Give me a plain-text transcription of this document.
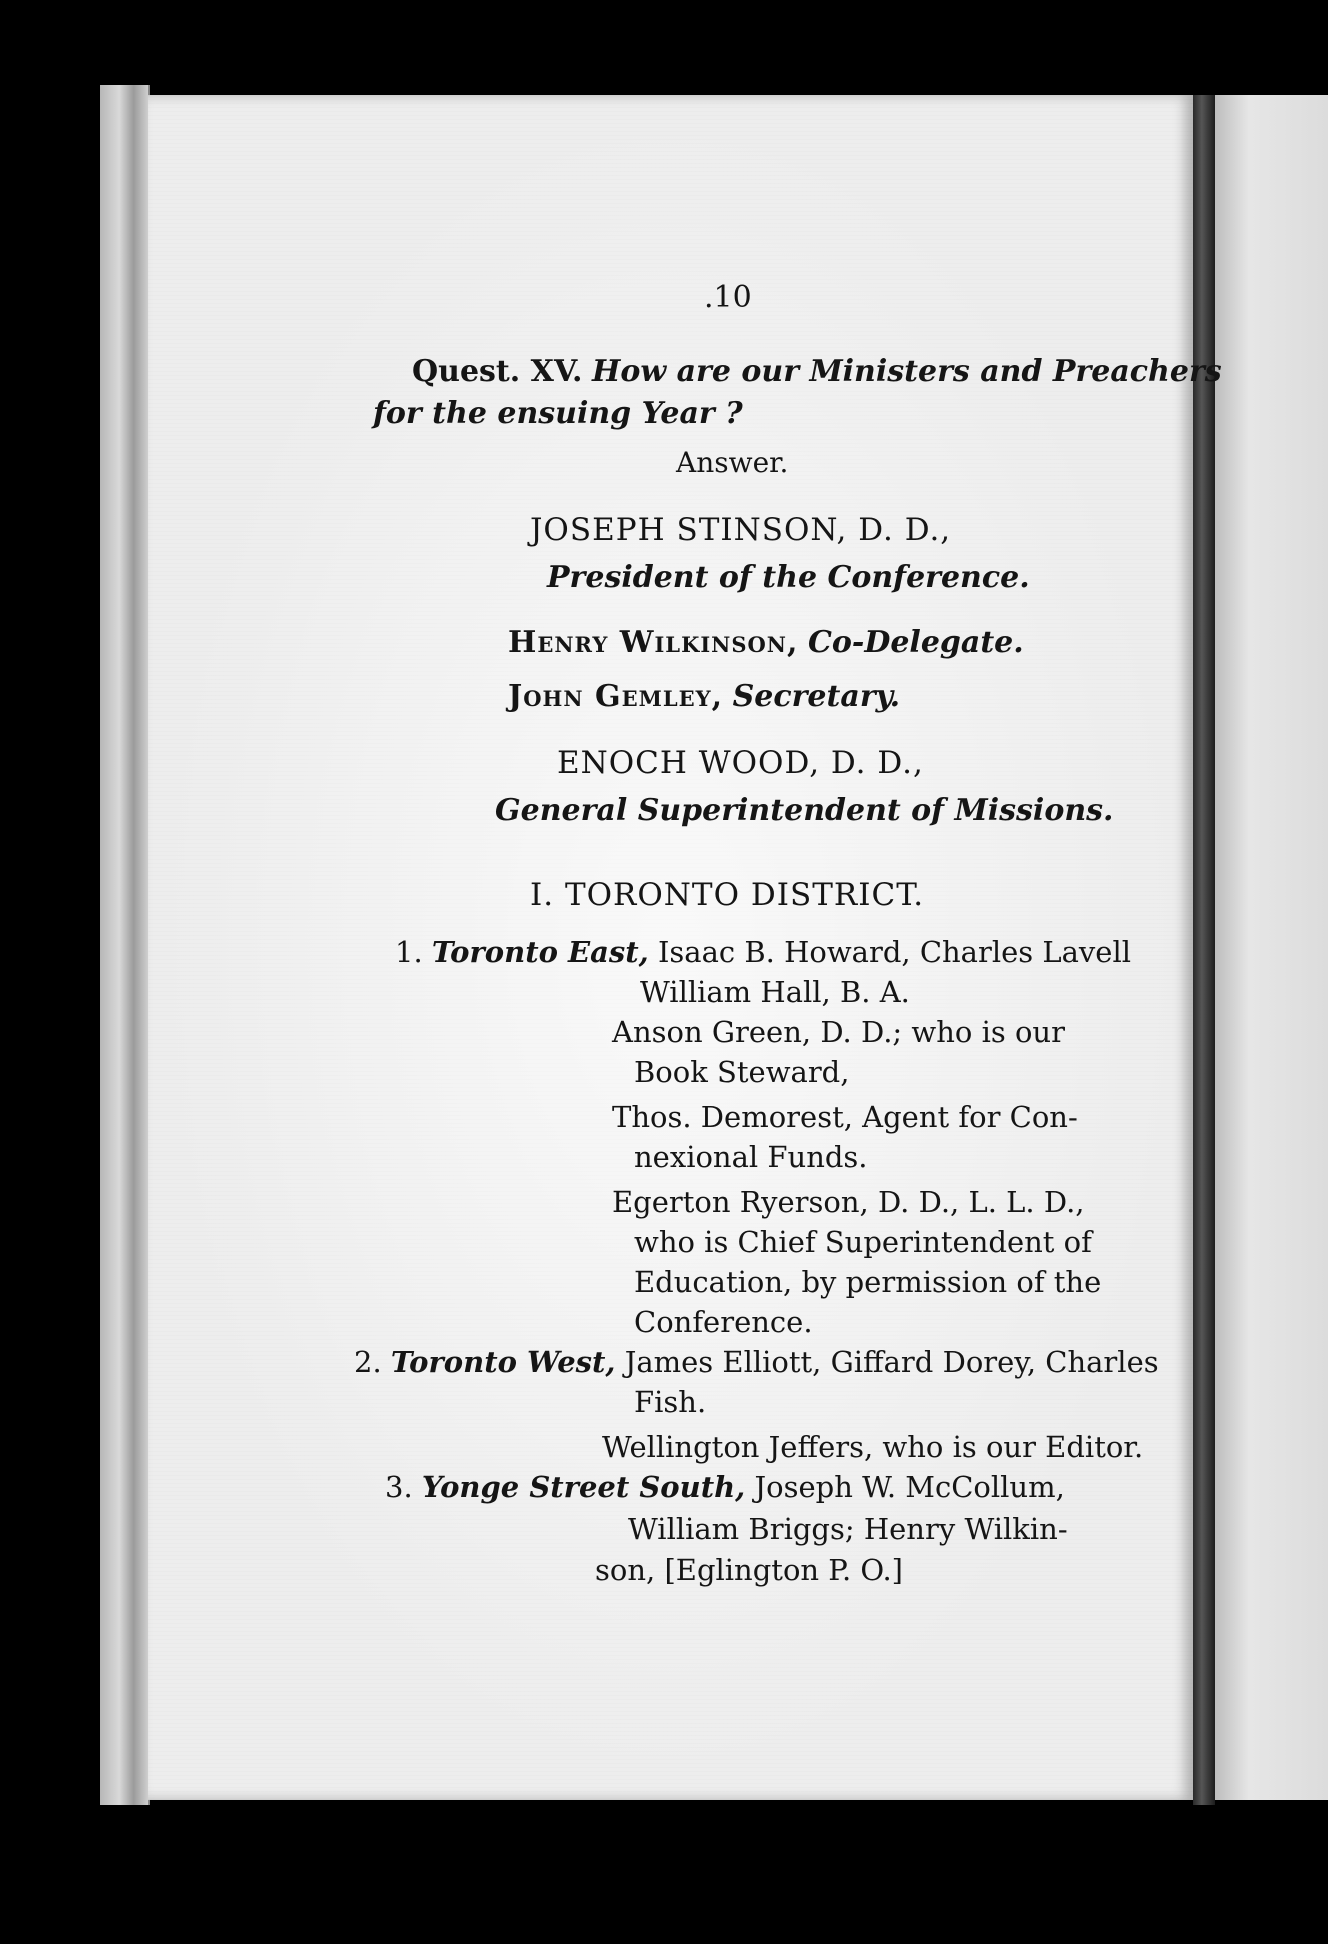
.10
Quest. XV. How are our Ministers and Preachers
for the ensuing Year ?
Answer.
JOSEPH STINSON, D. D.,
President of the Conference.
Henry Wilkinson, Co-Delegate.
John Gemley, Secretary.
ENOCH WOOD, D. D.,
General Superintendent of Missions.
I. TORONTO DISTRICT.
1. Toronto East, Isaac B. Howard, Charles Lavell
William Hall, B. A.
Anson Green, D. D.; who is our
Book Steward,
Thos. Demorest, Agent for Con-
nexional Funds.
Egerton Ryerson, D. D., L. L. D.,
who is Chief Superintendent of
Education, by permission of the
Conference.
2. Toronto West, James Elliott, Giffard Dorey, Charles
Fish.
Wellington Jeffers, who is our Editor.
3. Yonge Street South, Joseph W. McCollum,
William Briggs; Henry Wilkin-
son, [Eglington P. O.]
